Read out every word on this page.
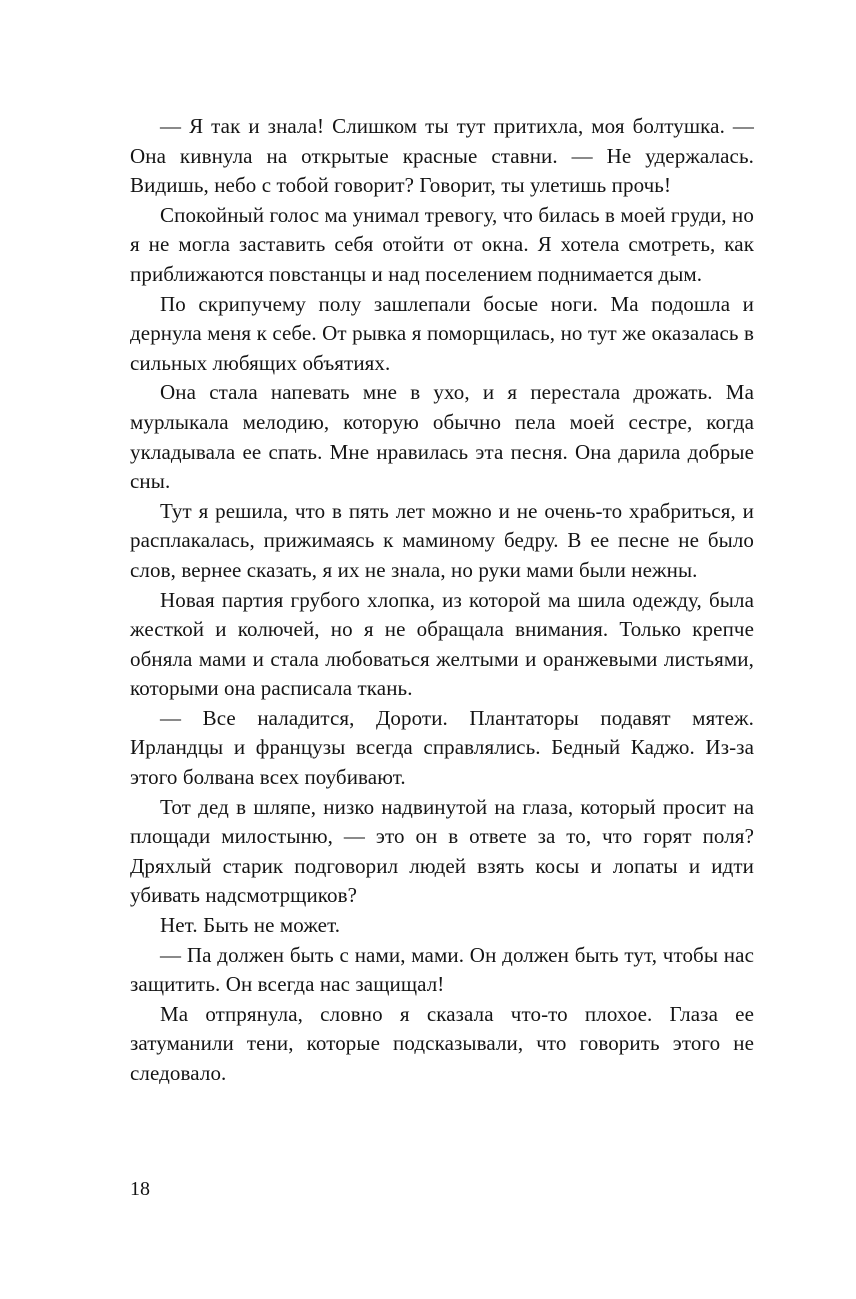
— Я так и знала! Слишком ты тут притихла, моя болтушка. — Она кивнула на открытые красные ставни. — Не удержалась. Видишь, небо с тобой говорит? Говорит, ты улетишь прочь!

Спокойный голос ма унимал тревогу, что билась в моей груди, но я не могла заставить себя отойти от окна. Я хотела смотреть, как приближаются повстанцы и над поселением поднимается дым.

По скрипучему полу зашлепали босые ноги. Ма подошла и дернула меня к себе. От рывка я поморщилась, но тут же оказалась в сильных любящих объятиях.

Она стала напевать мне в ухо, и я перестала дрожать. Ма мурлыкала мелодию, которую обычно пела моей сестре, когда укладывала ее спать. Мне нравилась эта песня. Она дарила добрые сны.

Тут я решила, что в пять лет можно и не очень-то храбриться, и расплакалась, прижимаясь к маминому бедру. В ее песне не было слов, вернее сказать, я их не знала, но руки мами были нежны.

Новая партия грубого хлопка, из которой ма шила одежду, была жесткой и колючей, но я не обращала внимания. Только крепче обняла мами и стала любоваться желтыми и оранжевыми листьями, которыми она расписала ткань.

— Все наладится, Дороти. Плантаторы подавят мятеж. Ирландцы и французы всегда справлялись. Бедный Каджо. Из-за этого болвана всех поубивают.

Тот дед в шляпе, низко надвинутой на глаза, который просит на площади милостыню, — это он в ответе за то, что горят поля? Дряхлый старик подговорил людей взять косы и лопаты и идти убивать надсмотрщиков?

Нет. Быть не может.

— Па должен быть с нами, мами. Он должен быть тут, чтобы нас защитить. Он всегда нас защищал!

Ма отпрянула, словно я сказала что-то плохое. Глаза ее затуманили тени, которые подсказывали, что говорить этого не следовало.

18
